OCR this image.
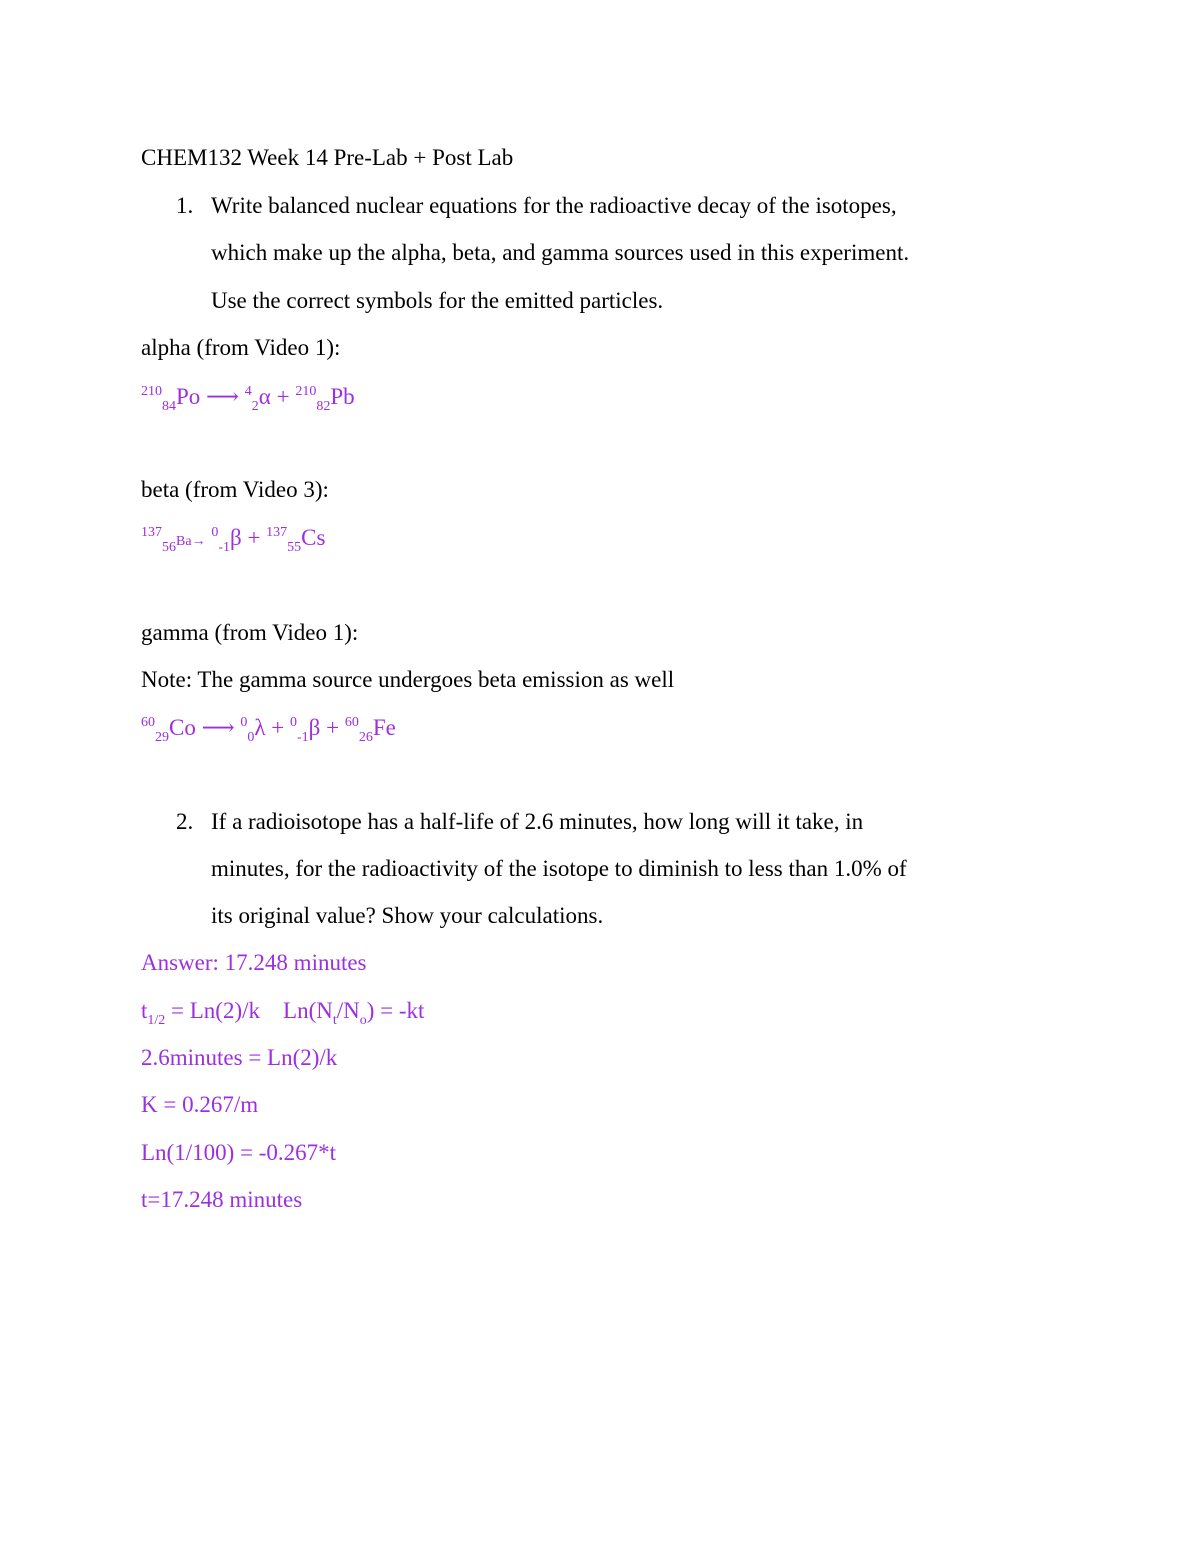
CHEM132 Week 14 Pre-Lab + Post Lab
1. Write balanced nuclear equations for the radioactive decay of the isotopes,
which make up the alpha, beta, and gamma sources used in this experiment.
Use the correct symbols for the emitted particles.
alpha (from Video 1):
$^{210}_{84}$Po ⟶ $^4_2$α + $^{210}_{82}$Pb
beta (from Video 3):
$^{137}_{56}$Ba→ $^0_{-1}$β + $^{137}_{55}$Cs
gamma (from Video 1):
Note: The gamma source undergoes beta emission as well
$^{60}_{29}$Co ⟶ $^0_0$λ + $^0_{-1}$β + $^{60}_{26}$Fe
2. If a radioisotope has a half-life of 2.6 minutes, how long will it take, in
minutes, for the radioactivity of the isotope to diminish to less than 1.0% of
its original value? Show your calculations.
Answer: 17.248 minutes
$t_{1/2} = Ln(2)/k$ $Ln(N_t/N_o) = -kt$
2.6minutes = Ln(2)/k
K = 0.267/m
Ln(1/100) = -0.267*t
t=17.248 minutes
